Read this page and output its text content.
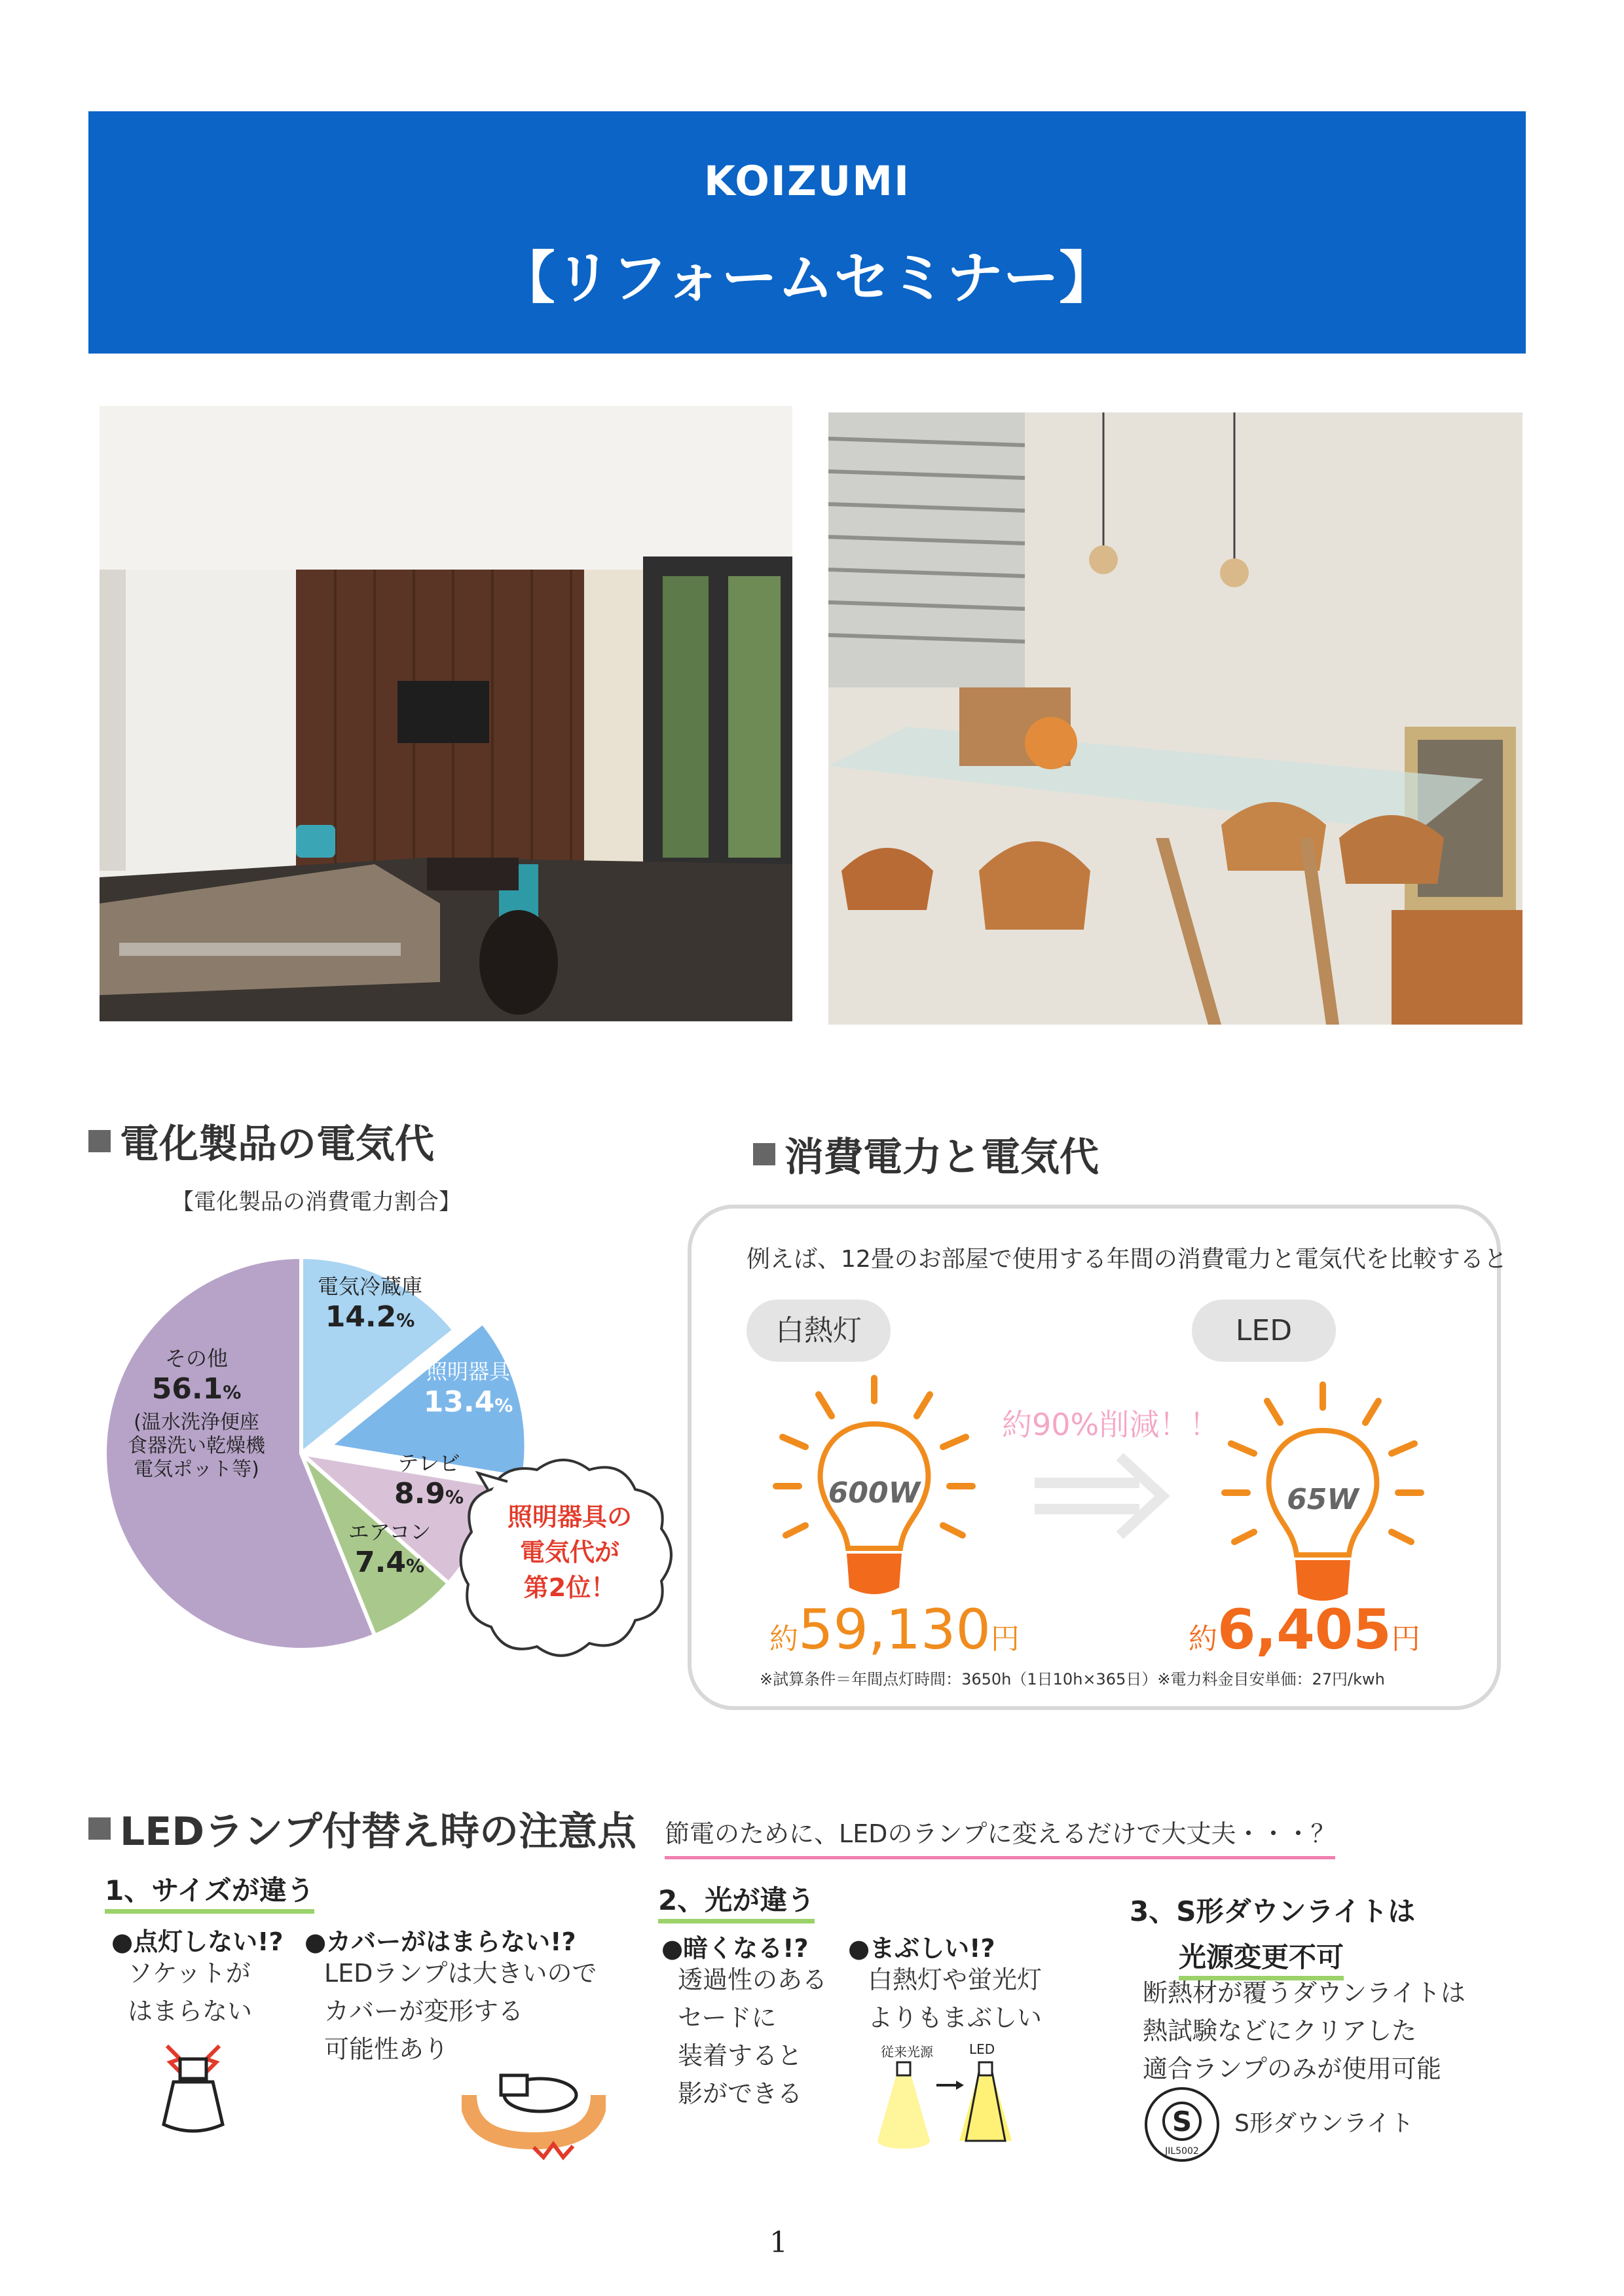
KOIZUMI
【リフォームセミナー】
電化製品の電気代
【電化製品の消費電力割合】
電気冷蔵庫
14.2%
照明器具
13.4%
テレビ
8.9%
エアコン
7.4%
その他
56.1%
(温水洗浄便座
食器洗い乾燥機
電気ポット等)
照明器具の
電気代が
第2位！
消費電力と電気代
例えば、12畳のお部屋で使用する年間の消費電力と電気代を比較すると
白熱灯	LED
600W	65W
約90%削減！！
約59,130円	約6,405円
※試算条件＝年間点灯時間：3650h（1日10h×365日）※電力料金目安単価：27円/kwh
LEDランプ付替え時の注意点 節電のために、LEDのランプに変えるだけで大丈夫・・・？
1、サイズが違う
●点灯しない!?
ソケットが
はまらない
●カバーがはまらない!?
LEDランプは大きいので
カバーが変形する
可能性あり
2、光が違う
●暗くなる!?
透過性のある
セードに
装着すると
影ができる
●まぶしい!?
白熱灯や蛍光灯
よりもまぶしい
従来光源	LED
3、S形ダウンライトは
光源変更不可
断熱材が覆うダウンライトは
熱試験などにクリアした
適合ランプのみが使用可能
S
JIL5002
S形ダウンライト
1
